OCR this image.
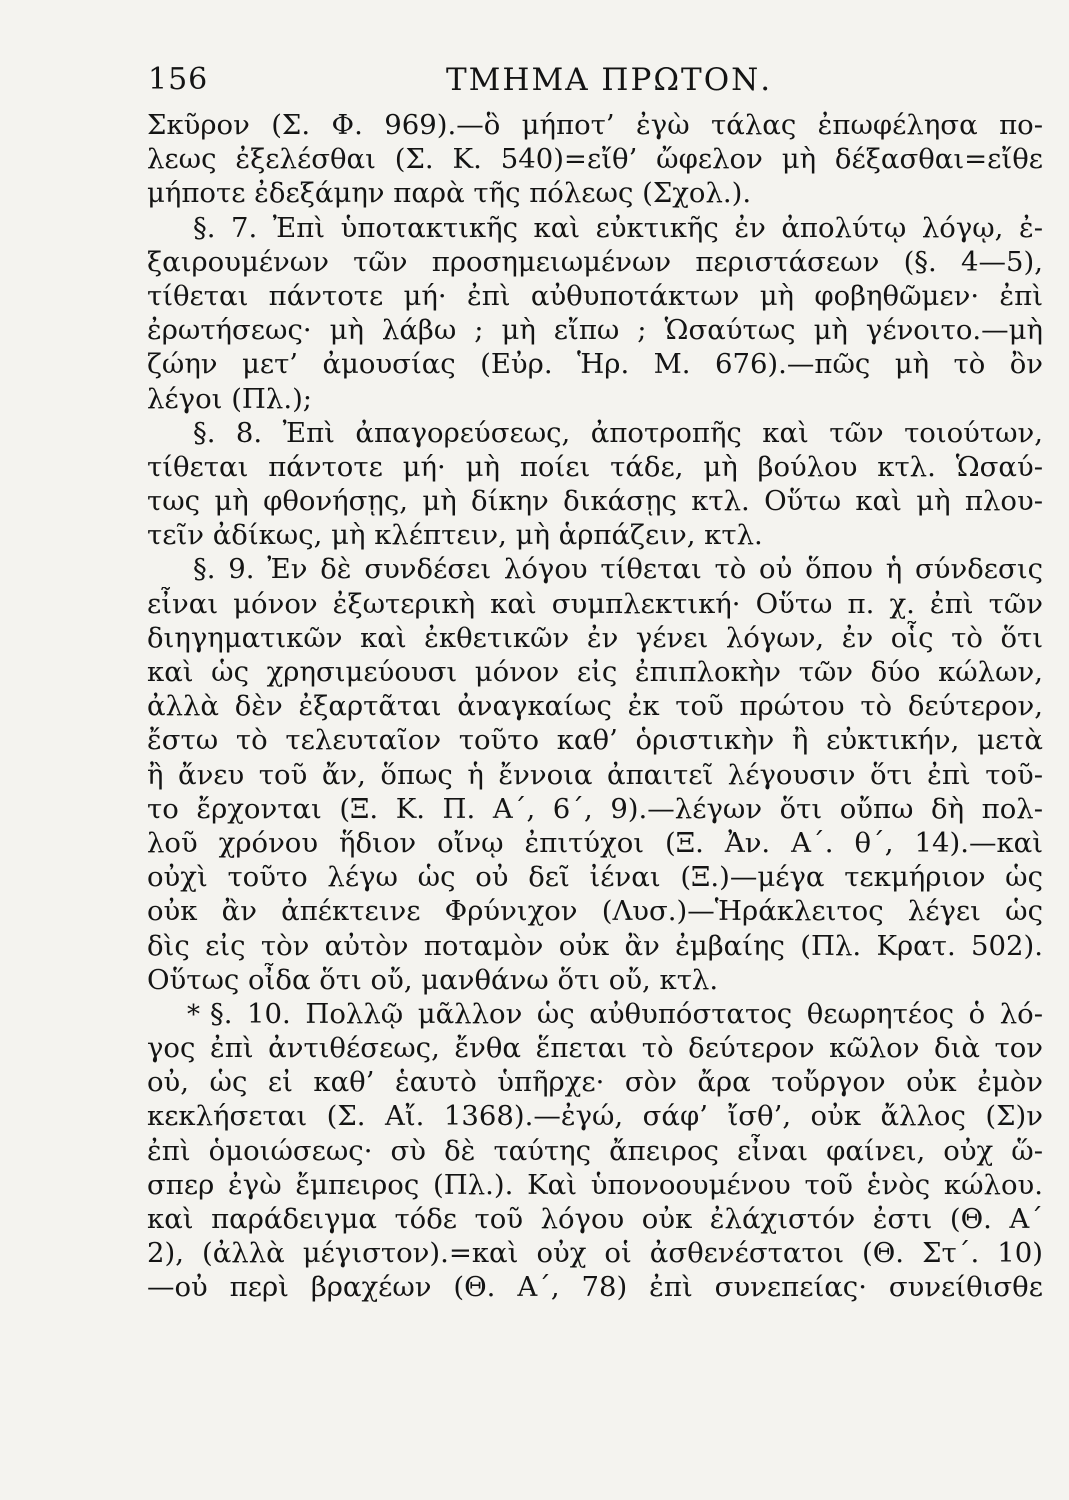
156	ΤΜΗΜΑ ΠΡΩΤΟΝ.
Σκῦρον (Σ. Φ. 969).—ὃ μήποτ’ ἐγὼ τάλας ἐπωφέλησα πο-
λεως ἐξελέσθαι (Σ. Κ. 540)=εἴθ’ ὤφελον μὴ δέξασθαι=εἴθε
μήποτε ἐδεξάμην παρὰ τῆς πόλεως (Σχολ.).
§. 7. Ἐπὶ ὑποτακτικῆς καὶ εὐκτικῆς ἐν ἀπολύτῳ λόγῳ, ἐ-
ξαιρουμένων τῶν προσημειωμένων περιστάσεων (§. 4—5),
τίθεται πάντοτε μή· ἐπὶ αὐθυποτάκτων μὴ φοβηθῶμεν· ἐπὶ
ἐρωτήσεως· μὴ λάβω ; μὴ εἴπω ; Ὡσαύτως μὴ γένοιτο.—μὴ
ζώην μετ’ ἀμουσίας (Εὐρ. Ἡρ. Μ. 676).—πῶς μὴ τὸ ὂν
λέγοι (Πλ.);
§. 8. Ἐπὶ ἀπαγορεύσεως, ἀποτροπῆς καὶ τῶν τοιούτων,
τίθεται πάντοτε μή· μὴ ποίει τάδε, μὴ βούλου κτλ. Ὡσαύ-
τως μὴ φθονήσῃς, μὴ δίκην δικάσῃς κτλ. Οὕτω καὶ μὴ πλου-
τεῖν ἀδίκως, μὴ κλέπτειν, μὴ ἁρπάζειν, κτλ.
§. 9. Ἐν δὲ συνδέσει λόγου τίθεται τὸ οὐ ὅπου ἡ σύνδεσις
εἶναι μόνον ἐξωτερικὴ καὶ συμπλεκτική· Οὕτω π. χ. ἐπὶ τῶν
διηγηματικῶν καὶ ἐκθετικῶν ἐν γένει λόγων, ἐν οἷς τὸ ὅτι
καὶ ὡς χρησιμεύουσι μόνον εἰς ἐπιπλοκὴν τῶν δύο κώλων,
ἀλλὰ δὲν ἐξαρτᾶται ἀναγκαίως ἐκ τοῦ πρώτου τὸ δεύτερον,
ἔστω τὸ τελευταῖον τοῦτο καθ’ ὁριστικὴν ἢ εὐκτικήν, μετὰ
ἢ ἄνευ τοῦ ἄν, ὅπως ἡ ἔννοια ἀπαιτεῖ λέγουσιν ὅτι ἐπὶ τοῦ-
το ἔρχονται (Ξ. Κ. Π. Α΄, 6΄, 9).—λέγων ὅτι οὔπω δὴ πολ-
λοῦ χρόνου ἥδιον οἴνῳ ἐπιτύχοι (Ξ. Ἀν. Α΄. θ΄, 14).—καὶ
οὐχὶ τοῦτο λέγω ὡς οὐ δεῖ ἰέναι (Ξ.)—μέγα τεκμήριον ὡς
οὐκ ἂν ἀπέκτεινε Φρύνιχον (Λυσ.)—Ἡράκλειτος λέγει ὡς
δὶς εἰς τὸν αὐτὸν ποταμὸν οὐκ ἂν ἐμβαίης (Πλ. Κρατ. 502).
Οὕτως οἶδα ὅτι οὔ, μανθάνω ὅτι οὔ, κτλ.
* §. 10. Πολλῷ μᾶλλον ὡς αὐθυπόστατος θεωρητέος ὁ λό-
γος ἐπὶ ἀντιθέσεως, ἔνθα ἕπεται τὸ δεύτερον κῶλον διὰ τον
οὐ, ὡς εἰ καθ’ ἑαυτὸ ὑπῆρχε· σὸν ἄρα τοὔργον οὐκ ἐμὸν
κεκλήσεται (Σ. Αἴ. 1368).—ἐγώ, σάφ’ ἴσθ’, οὐκ ἄλλος (Σ)ν
ἐπὶ ὁμοιώσεως· σὺ δὲ ταύτης ἄπειρος εἶναι φαίνει, οὐχ ὥ-
σπερ ἐγὼ ἔμπειρος (Πλ.). Καὶ ὑπονοουμένου τοῦ ἑνὸς κώλου.
καὶ παράδειγμα τόδε τοῦ λόγου οὐκ ἐλάχιστόν ἐστι (Θ. Α΄
2), (ἀλλὰ μέγιστον).=καὶ οὐχ οἱ ἀσθενέστατοι (Θ. Στ΄. 10)
—οὐ περὶ βραχέων (Θ. Α΄, 78) ἐπὶ συνεπείας· συνείθισθε
